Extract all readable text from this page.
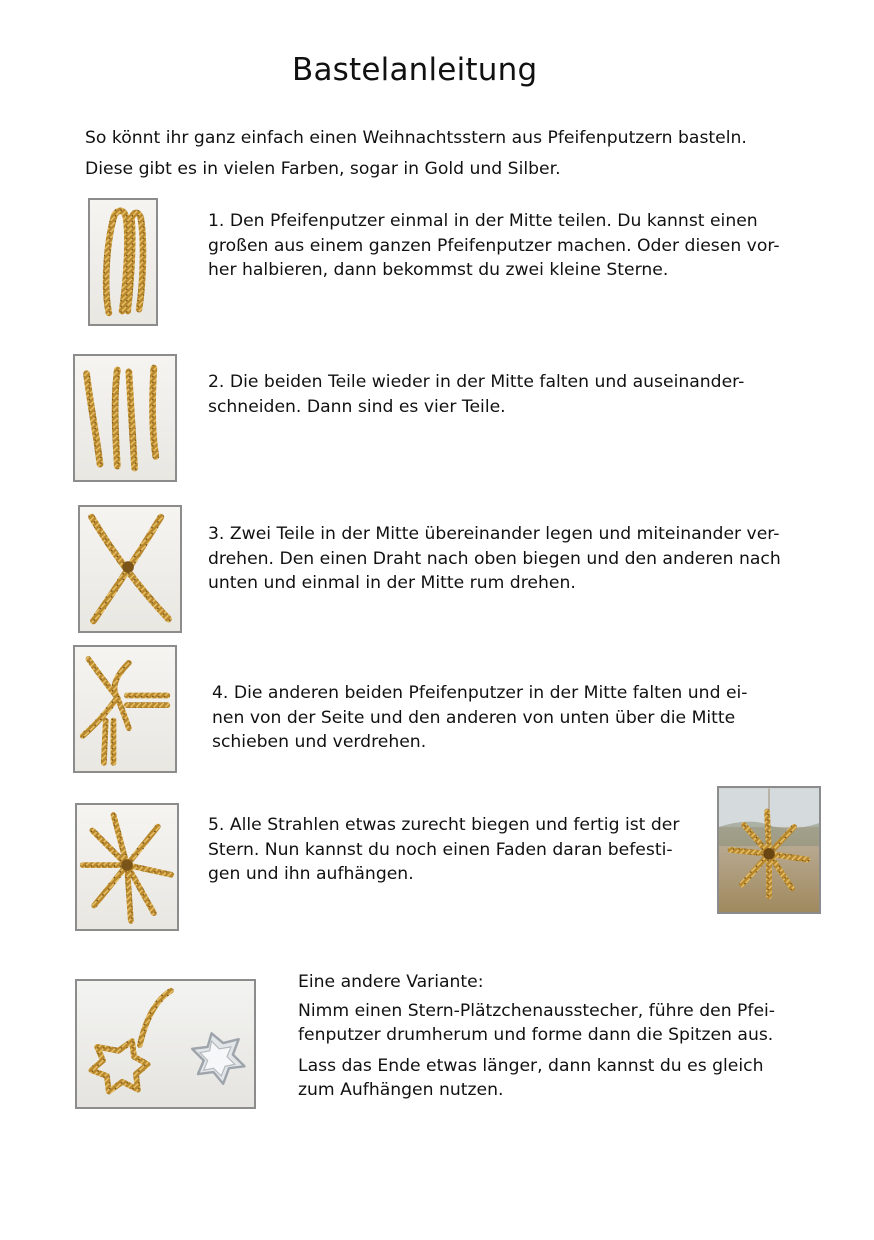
Bastelanleitung
So könnt ihr ganz einfach einen Weihnachtsstern aus Pfeifenputzern basteln.
Diese gibt es in vielen Farben, sogar in Gold und Silber.
1. Den Pfeifenputzer einmal in der Mitte teilen. Du kannst einen
großen aus einem ganzen Pfeifenputzer machen. Oder diesen vor-
her halbieren, dann bekommst du zwei kleine Sterne.
2. Die beiden Teile wieder in der Mitte falten und auseinander-
schneiden. Dann sind es vier Teile.
3. Zwei Teile in der Mitte übereinander legen und miteinander ver-
drehen. Den einen Draht nach oben biegen und den anderen nach
unten und einmal in der Mitte rum drehen.
4. Die anderen beiden Pfeifenputzer in der Mitte falten und ei-
nen von der Seite und den anderen von unten über die Mitte
schieben und verdrehen.
5. Alle Strahlen etwas zurecht biegen und fertig ist der
Stern. Nun kannst du noch einen Faden daran befesti-
gen und ihn aufhängen.
Eine andere Variante:
Nimm einen Stern-Plätzchenausstecher, führe den Pfei-
fenputzer drumherum und forme dann die Spitzen aus.
Lass das Ende etwas länger, dann kannst du es gleich
zum Aufhängen nutzen.
